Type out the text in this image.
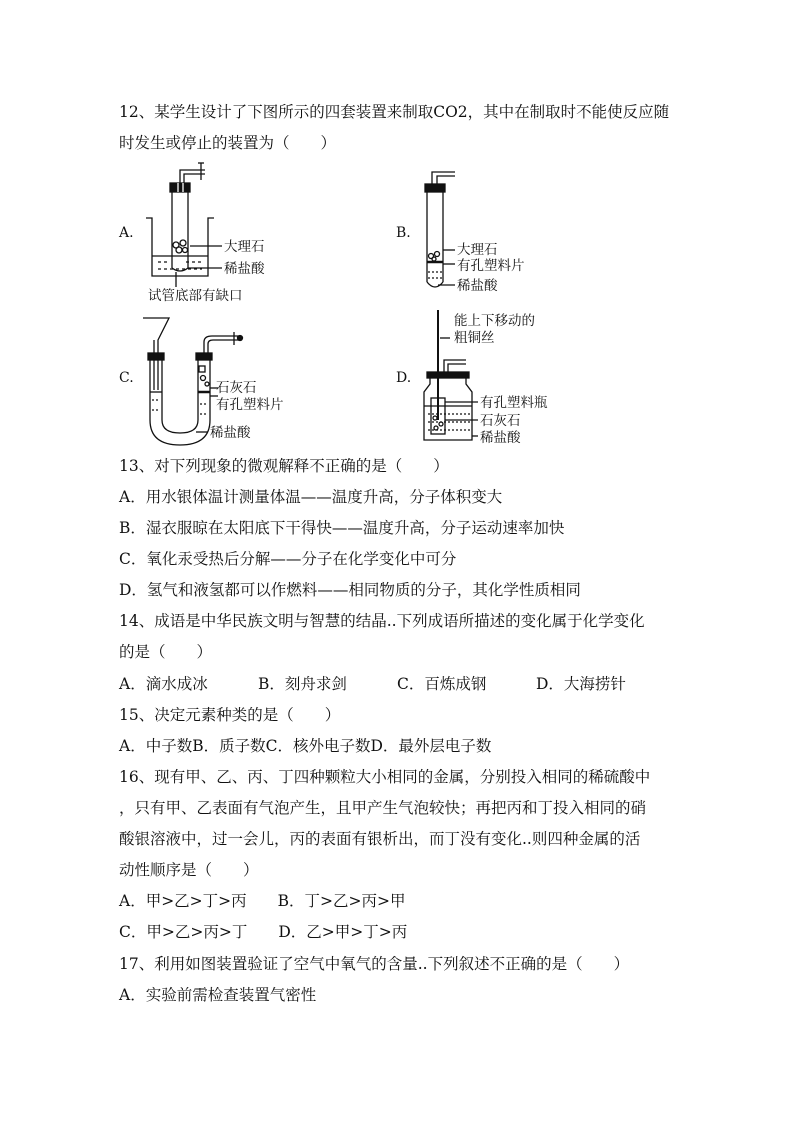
12、某学生设计了下图所示的四套装置来制取CO2，其中在制取时不能使反应随
时发生或停止的装置为（　　）
A.
大理石
稀盐酸
试管底部有缺口
B.
大理石
有孔塑料片
稀盐酸
C.
石灰石
有孔塑料片
稀盐酸
D.
能上下移动的
粗铜丝
有孔塑料瓶
石灰石
稀盐酸
13、对下列现象的微观解释不正确的是（　　）
A．用水银体温计测量体温——温度升高，分子体积变大
B．湿衣服晾在太阳底下干得快——温度升高，分子运动速率加快
C．氧化汞受热后分解——分子在化学变化中可分
D．氢气和液氢都可以作燃料——相同物质的分子，其化学性质相同
14、成语是中华民族文明与智慧的结晶..下列成语所描述的变化属于化学变化
的是（　　）
A．滴水成冰	B．刻舟求剑	C．百炼成钢	D．大海捞针
15、决定元素种类的是（　　）
A．中子数B．质子数C．核外电子数D．最外层电子数
16、现有甲、乙、丙、丁四种颗粒大小相同的金属，分别投入相同的稀硫酸中
，只有甲、乙表面有气泡产生，且甲产生气泡较快；再把丙和丁投入相同的硝
酸银溶液中，过一会儿，丙的表面有银析出，而丁没有变化..则四种金属的活
动性顺序是（　　）
A．甲>乙>丁>丙　　B．丁>乙>丙>甲
C．甲>乙>丙>丁　　D．乙>甲>丁>丙
17、利用如图装置验证了空气中氧气的含量..下列叙述不正确的是（　　）
A．实验前需检查装置气密性
